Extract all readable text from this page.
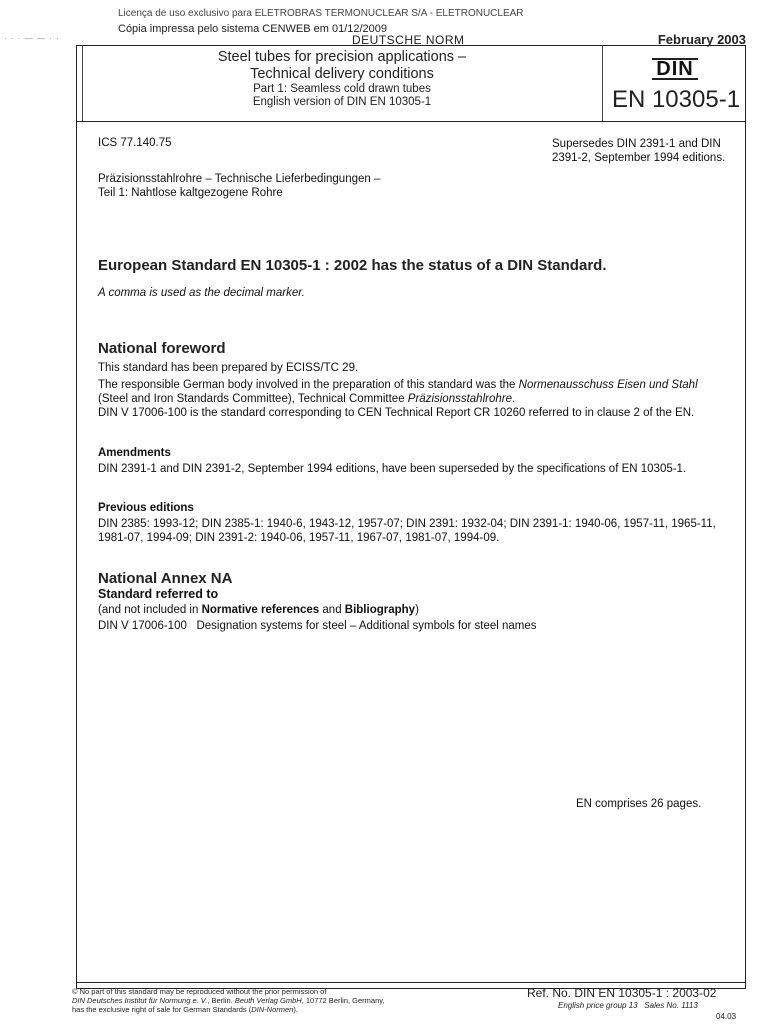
Licença de uso exclusivo para ELETROBRAS TERMONUCLEAR S/A - ELETRONUCLEAR
Cópia impressa pelo sistema CENWEB em 01/12/2009
· · · — — · ·	DEUTSCHE NORM	February 2003
Steel tubes for precision applications –
Technical delivery conditions
Part 1: Seamless cold drawn tubes
English version of DIN EN 10305-1
DIN
EN 10305-1
ICS 77.140.75	Supersedes DIN 2391-1 and DIN 2391-2, September 1994 editions.
Präzisionsstahlrohre – Technische Lieferbedingungen –
Teil 1: Nahtlose kaltgezogene Rohre
European Standard EN 10305-1 : 2002 has the status of a DIN Standard.
A comma is used as the decimal marker.
National foreword
This standard has been prepared by ECISS/TC 29.
The responsible German body involved in the preparation of this standard was the Normenausschuss Eisen und Stahl (Steel and Iron Standards Committee), Technical Committee Präzisionsstahlrohre.
DIN V 17006-100 is the standard corresponding to CEN Technical Report CR 10260 referred to in clause 2 of the EN.
Amendments
DIN 2391-1 and DIN 2391-2, September 1994 editions, have been superseded by the specifications of EN 10305-1.
Previous editions
DIN 2385: 1993-12; DIN 2385-1: 1940-6, 1943-12, 1957-07; DIN 2391: 1932-04; DIN 2391-1: 1940-06, 1957-11, 1965-11, 1981-07, 1994-09; DIN 2391-2: 1940-06, 1957-11, 1967-07, 1981-07, 1994-09.
National Annex NA
Standard referred to
(and not included in Normative references and Bibliography)
DIN V 17006-100 Designation systems for steel – Additional symbols for steel names
EN comprises 26 pages.
© No part of this standard may be reproduced without the prior permission of
DIN Deutsches Institut für Normung e. V., Berlin. Beuth Verlag GmbH, 10772 Berlin, Germany,
has the exclusive right of sale for German Standards (DIN-Normen).
Ref. No. DIN EN 10305-1 : 2003-02
English price group 13 Sales No. 1113
04.03
